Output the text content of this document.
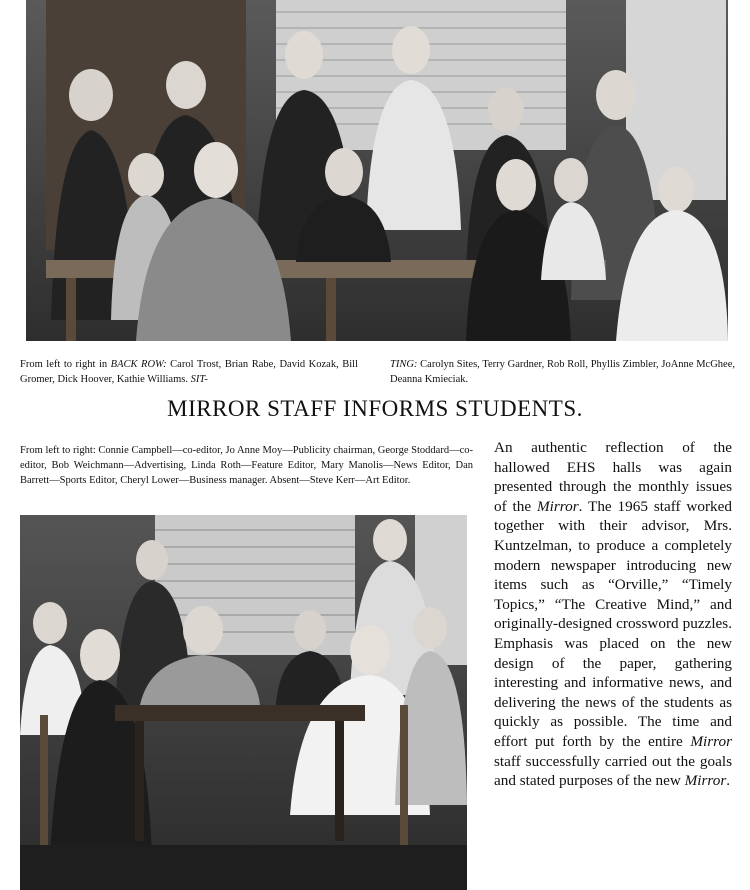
From left to right in BACK ROW: Carol Trost, Brian Rabe, David Kozak, Bill Gromer, Dick Hoover, Kathie Williams. SIT-
TING: Carolyn Sites, Terry Gardner, Rob Roll, Phyllis Zimbler, JoAnne McGhee, Deanna Kmieciak.
MIRROR STAFF INFORMS STUDENTS.
From left to right: Connie Campbell—co-editor, Jo Anne Moy—Publicity chairman, George Stoddard—co-editor, Bob Weichmann—Advertising, Linda Roth—Feature Editor, Mary Manolis—News Editor, Dan Barrett—Sports Editor, Cheryl Lower—Business manager. Absent—Steve Kerr—Art Editor.
An authentic reflection of the hallowed EHS halls was again presented through the monthly issues of the Mirror. The 1965 staff worked together with their advisor, Mrs. Kuntzelman, to produce a completely modern newspaper introducing new items such as “Orville,” “Timely Topics,” “The Creative Mind,” and originally-designed crossword puzzles. Emphasis was placed on the new design of the paper, gathering interesting and informative news, and delivering the news of the students as quickly as possible. The time and effort put forth by the entire Mirror staff successfully carried out the goals and stated purposes of the new Mirror.
